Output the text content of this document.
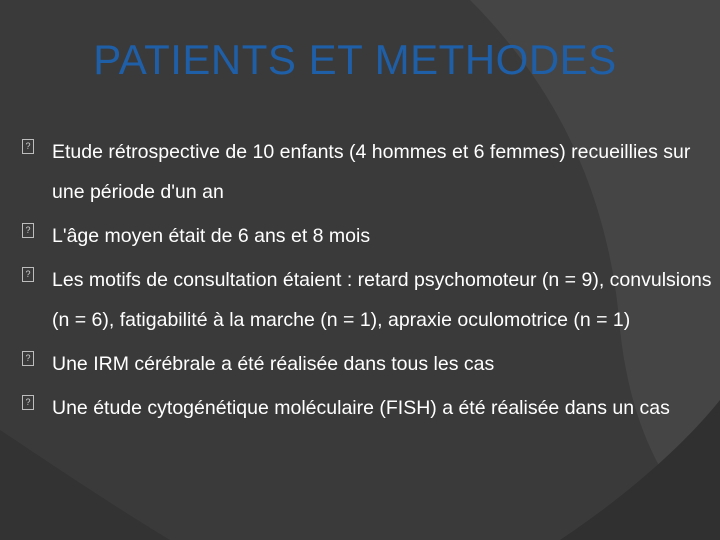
PATIENTS ET METHODES
? Etude rétrospective de 10 enfants (4 hommes et 6 femmes) recueillies sur une période d'un an
? L'âge moyen était de 6 ans et 8 mois
? Les motifs de consultation étaient : retard psychomoteur (n = 9), convulsions (n = 6), fatigabilité à la marche (n = 1), apraxie oculomotrice (n = 1)
? Une IRM cérébrale a été réalisée dans tous les cas
? Une étude cytogénétique moléculaire (FISH) a été réalisée dans un cas
